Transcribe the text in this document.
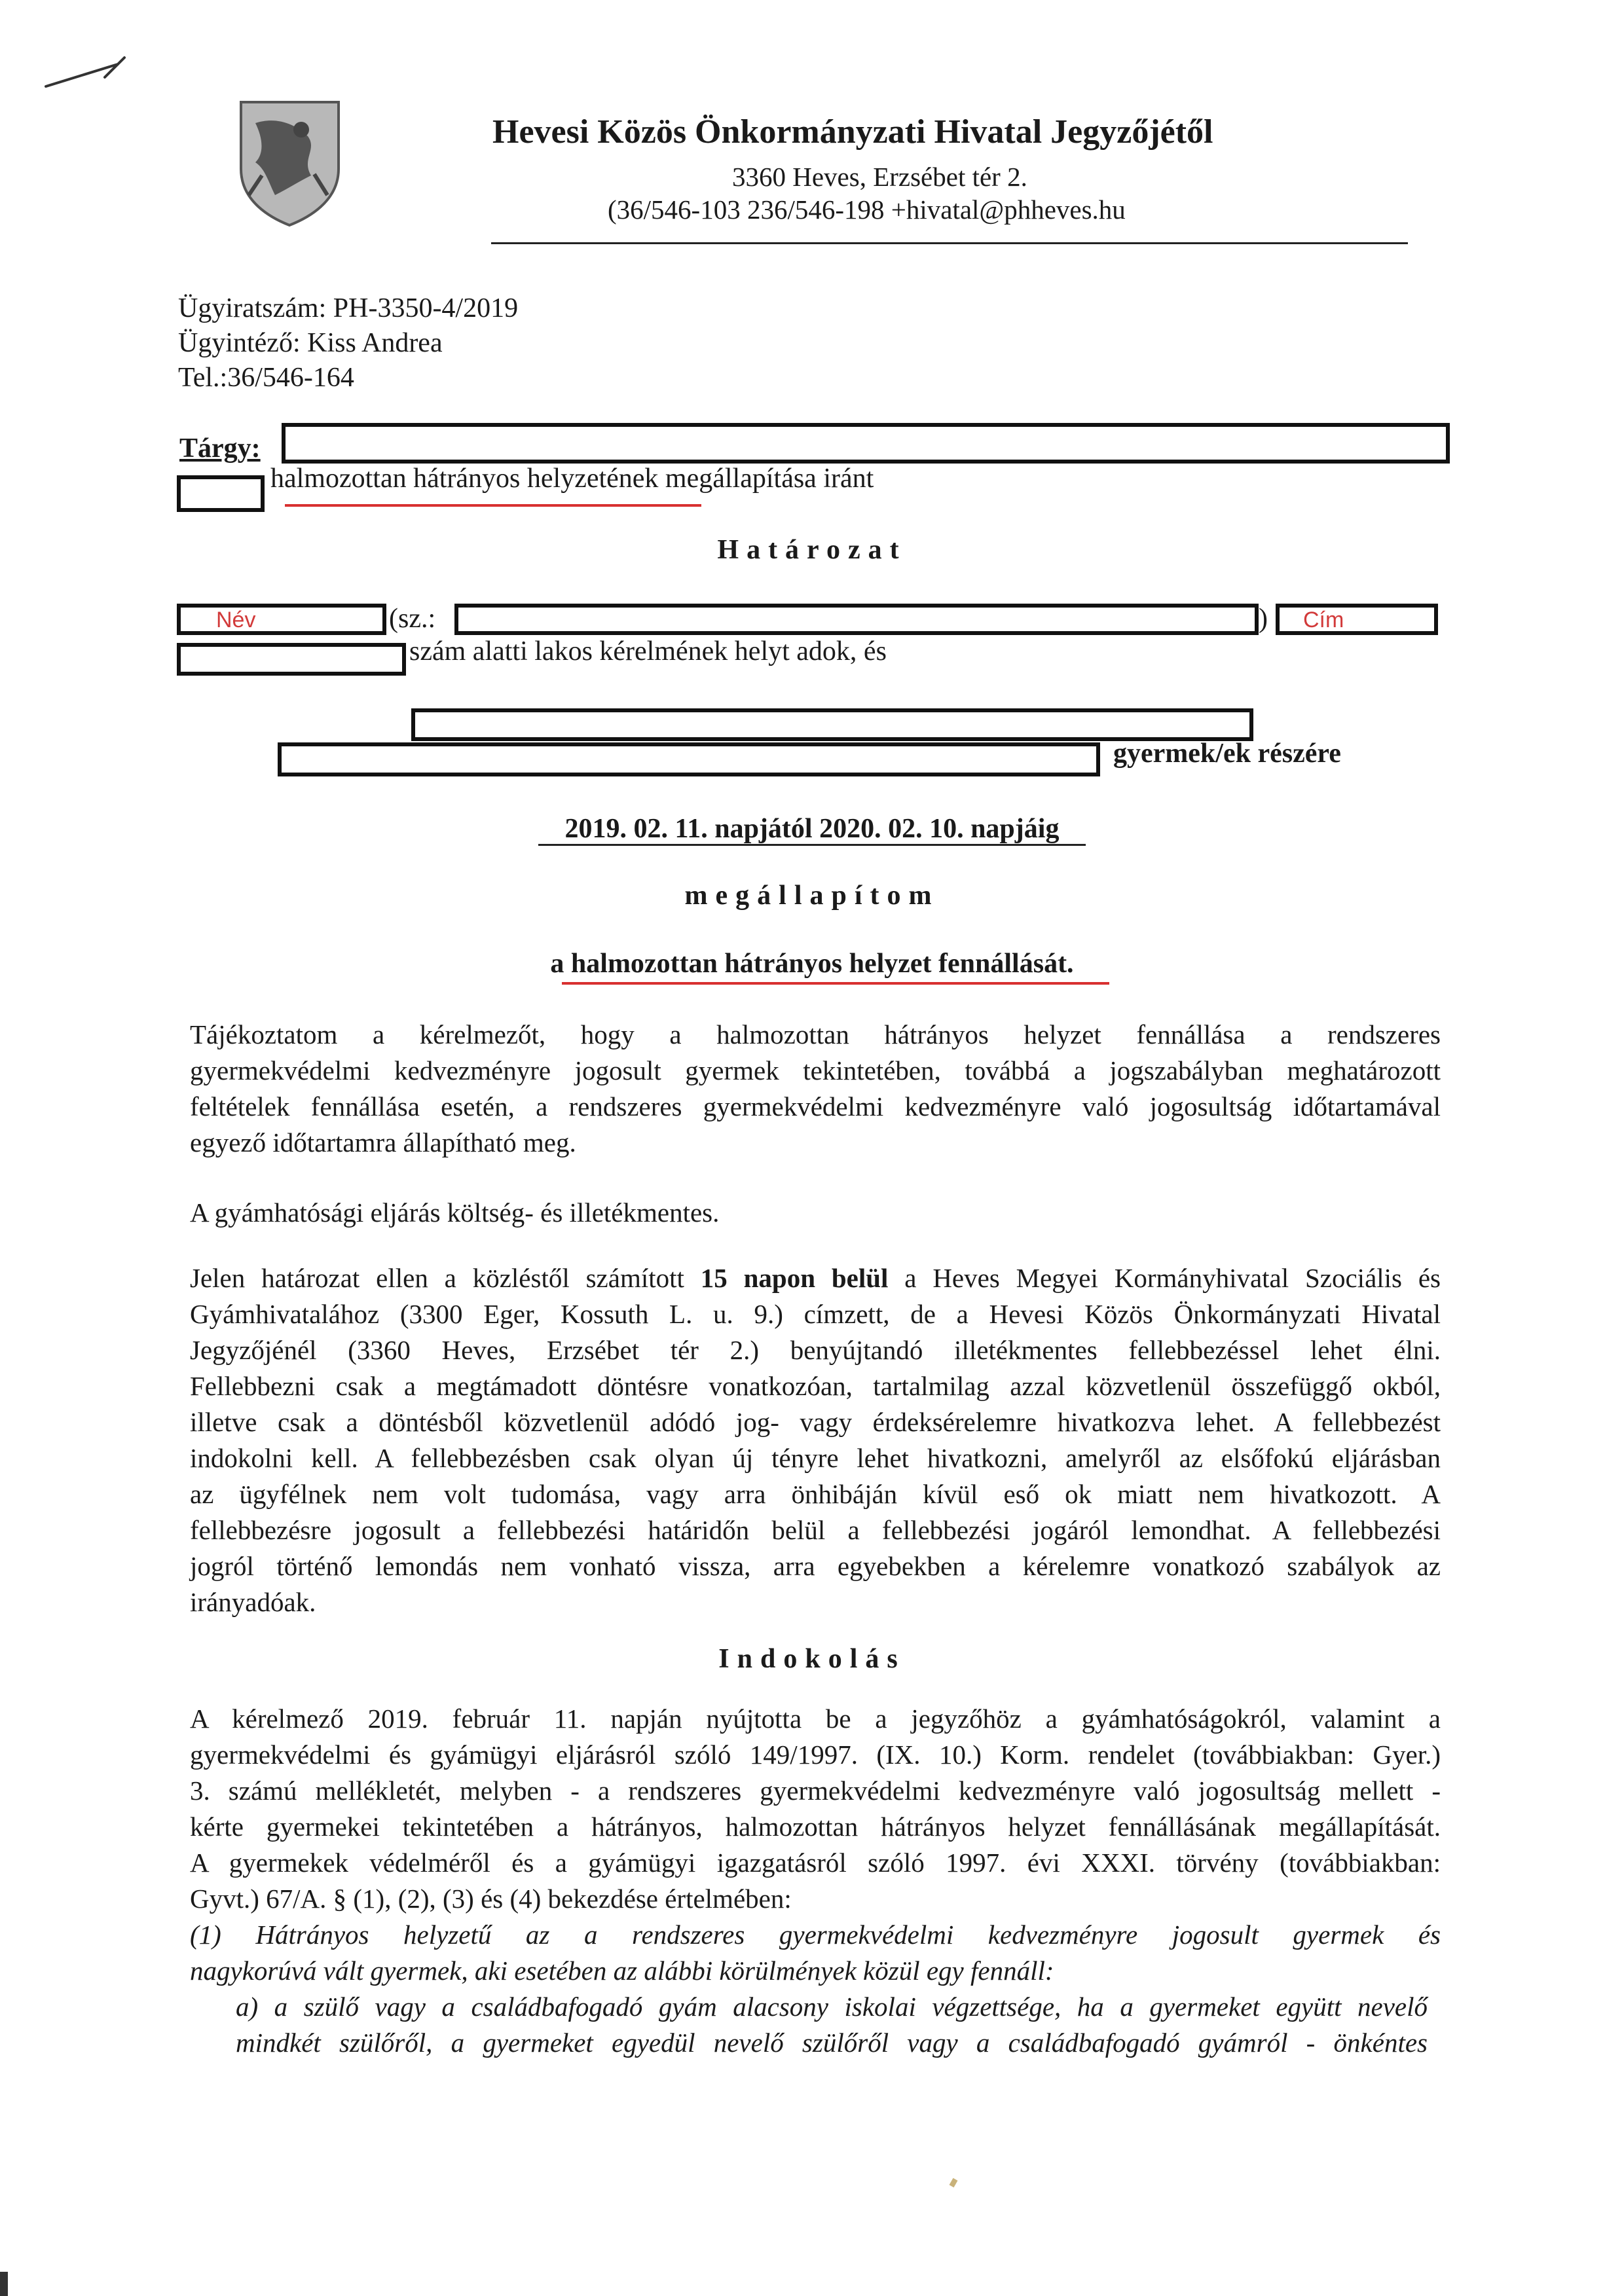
Hevesi Közös Önkormányzati Hivatal Jegyzőjétől
3360 Heves, Erzsébet tér 2.
(36/546-103 236/546-198 +hivatal@phheves.hu
Ügyiratszám: PH-3350-4/2019
Ügyintéző: Kiss Andrea
Tel.:36/546-164
Tárgy:
halmozottan hátrányos helyzetének megállapítása iránt
Határozat
Név	(sz.:	) Cím
szám alatti lakos kérelmének helyt adok, és
gyermek/ek részére
2019. 02. 11. napjától 2020. 02. 10. napjáig
megállapítom
a halmozottan hátrányos helyzet fennállását.
Tájékoztatom a kérelmezőt, hogy a halmozottan hátrányos helyzet fennállása a rendszeres
gyermekvédelmi kedvezményre jogosult gyermek tekintetében, továbbá a jogszabályban meghatározott
feltételek fennállása esetén, a rendszeres gyermekvédelmi kedvezményre való jogosultság időtartamával
egyező időtartamra állapítható meg.
A gyámhatósági eljárás költség- és illetékmentes.
Jelen határozat ellen a közléstől számított 15 napon belül a Heves Megyei Kormányhivatal Szociális és
Gyámhivatalához (3300 Eger, Kossuth L. u. 9.) címzett, de a Hevesi Közös Önkormányzati Hivatal
Jegyzőjénél (3360 Heves, Erzsébet tér 2.) benyújtandó illetékmentes fellebbezéssel lehet élni.
Fellebbezni csak a megtámadott döntésre vonatkozóan, tartalmilag azzal közvetlenül összefüggő okból,
illetve csak a döntésből közvetlenül adódó jog- vagy érdeksérelemre hivatkozva lehet. A fellebbezést
indokolni kell. A fellebbezésben csak olyan új tényre lehet hivatkozni, amelyről az elsőfokú eljárásban
az ügyfélnek nem volt tudomása, vagy arra önhibáján kívül eső ok miatt nem hivatkozott. A
fellebbezésre jogosult a fellebbezési határidőn belül a fellebbezési jogáról lemondhat. A fellebbezési
jogról történő lemondás nem vonható vissza, arra egyebekben a kérelemre vonatkozó szabályok az
irányadóak.
Indokolás
A kérelmező 2019. február 11. napján nyújtotta be a jegyzőhöz a gyámhatóságokról, valamint a
gyermekvédelmi és gyámügyi eljárásról szóló 149/1997. (IX. 10.) Korm. rendelet (továbbiakban: Gyer.)
3. számú mellékletét, melyben - a rendszeres gyermekvédelmi kedvezményre való jogosultság mellett -
kérte gyermekei tekintetében a hátrányos, halmozottan hátrányos helyzet fennállásának megállapítását.
A gyermekek védelméről és a gyámügyi igazgatásról szóló 1997. évi XXXI. törvény (továbbiakban:
Gyvt.) 67/A. § (1), (2), (3) és (4) bekezdése értelmében:
(1) Hátrányos helyzetű az a rendszeres gyermekvédelmi kedvezményre jogosult gyermek és
nagykorúvá vált gyermek, aki esetében az alábbi körülmények közül egy fennáll:
a) a szülő vagy a családbafogadó gyám alacsony iskolai végzettsége, ha a gyermeket együtt nevelő
mindkét szülőről, a gyermeket egyedül nevelő szülőről vagy a családbafogadó gyámról - önkéntes
